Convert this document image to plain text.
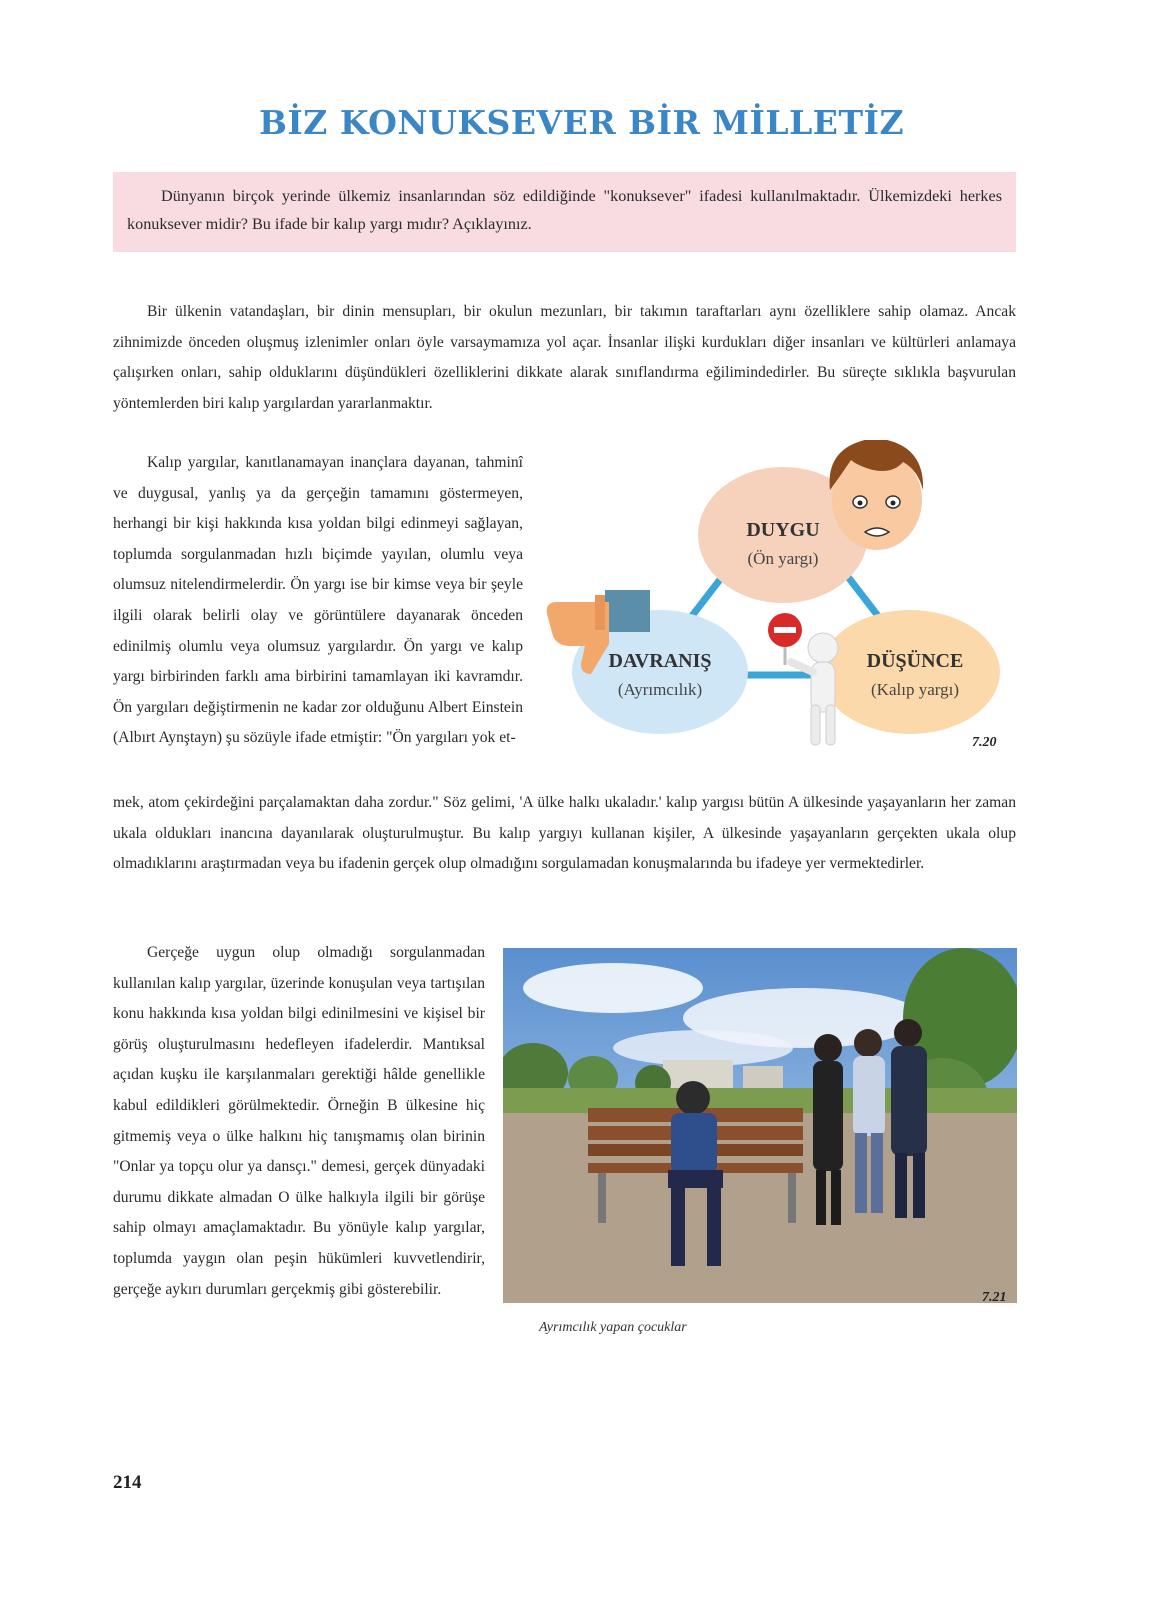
BİZ KONUKSEVER BİR MİLLETİZ

Dünyanın birçok yerinde ülkemiz insanlarından söz edildiğinde "konuksever" ifadesi kullanılmaktadır. Ülkemizdeki herkes konuksever midir? Bu ifade bir kalıp yargı mıdır? Açıklayınız.

Bir ülkenin vatandaşları, bir dinin mensupları, bir okulun mezunları, bir takımın taraftarları aynı özelliklere sahip olamaz. Ancak zihnimizde önceden oluşmuş izlenimler onları öyle varsaymamıza yol açar. İnsanlar ilişki kurdukları diğer insanları ve kültürleri anlamaya çalışırken onları, sahip olduklarını düşündükleri özelliklerini dikkate alarak sınıflandırma eğilimindedirler. Bu süreçte sıklıkla başvurulan yöntemlerden biri kalıp yargılardan yararlanmaktır.

Kalıp yargılar, kanıtlanamayan inançlara dayanan, tahminî ve duygusal, yanlış ya da gerçeğin tamamını göstermeyen, herhangi bir kişi hakkında kısa yoldan bilgi edinmeyi sağlayan, toplumda sorgulanmadan hızlı biçimde yayılan, olumlu veya olumsuz nitelendirmelerdir. Ön yargı ise bir kimse veya bir şeyle ilgili olarak belirli olay ve görüntülere dayanarak önceden edinilmiş olumlu veya olumsuz yargılardır. Ön yargı ve kalıp yargı birbirinden farklı ama birbirini tamamlayan iki kavramdır. Ön yargıları değiştirmenin ne kadar zor olduğunu Albert Einstein (Albırt Aynştayn) şu sözüyle ifade etmiştir: "Ön yargıları yok et-

DUYGU
(Ön yargı)
DAVRANIŞ
(Ayrımcılık)
DÜŞÜNCE
(Kalıp yargı)
7.20

mek, atom çekirdeğini parçalamaktan daha zordur." Söz gelimi, 'A ülke halkı ukaladır.' kalıp yargısı bütün A ülkesinde yaşayanların her zaman ukala oldukları inancına dayanılarak oluşturulmuştur. Bu kalıp yargıyı kullanan kişiler, A ülkesinde yaşayanların gerçekten ukala olup olmadıklarını araştırmadan veya bu ifadenin gerçek olup olmadığını sorgulamadan konuşmalarında bu ifadeye yer vermektedirler.

Gerçeğe uygun olup olmadığı sorgulanmadan kullanılan kalıp yargılar, üzerinde konuşulan veya tartışılan konu hakkında kısa yoldan bilgi edinilmesini ve kişisel bir görüş oluşturulmasını hedefleyen ifadelerdir. Mantıksal açıdan kuşku ile karşılanmaları gerektiği hâlde genellikle kabul edildikleri görülmektedir. Örneğin B ülkesine hiç gitmemiş veya o ülke halkını hiç tanışmamış olan birinin "Onlar ya topçu olur ya dansçı." demesi, gerçek dünyadaki durumu dikkate almadan O ülke halkıyla ilgili bir görüşe sahip olmayı amaçlamaktadır. Bu yönüyle kalıp yargılar, toplumda yaygın olan peşin hükümleri kuvvetlendirir, gerçeğe aykırı durumları gerçekmiş gibi gösterebilir.	7.21
Ayrımcılık yapan çocuklar
214
